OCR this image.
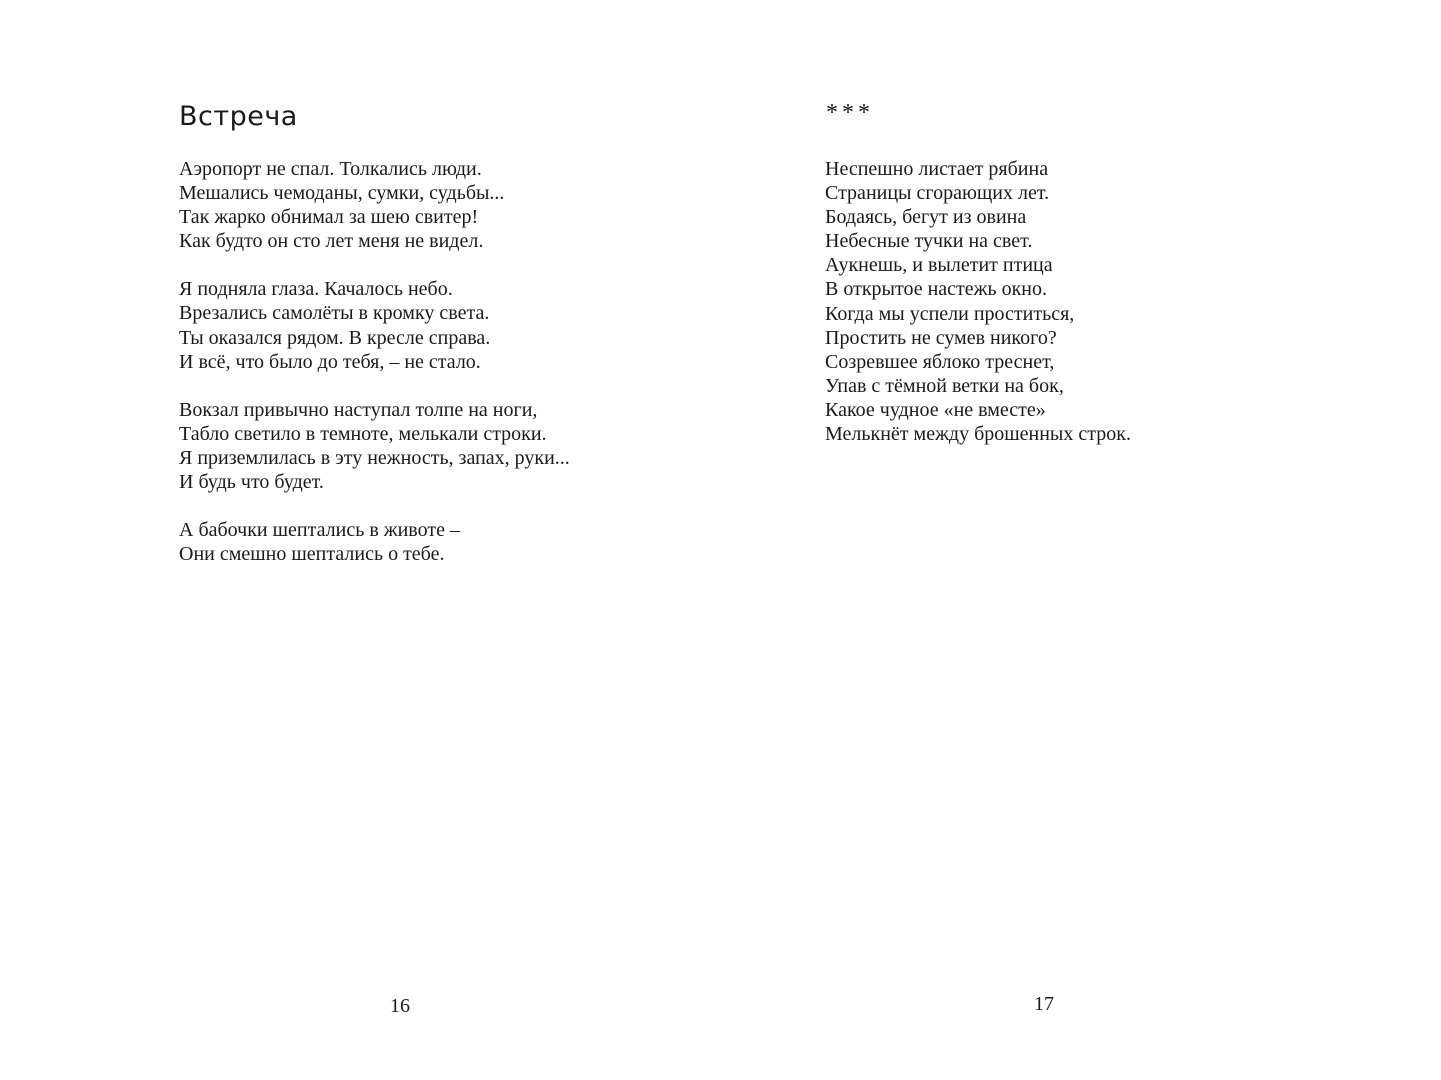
Встреча
Аэропорт не спал. Толкались люди.
Мешались чемоданы, сумки, судьбы...
Так жарко обнимал за шею свитер!
Как будто он сто лет меня не видел.
Я подняла глаза. Качалось небо.
Врезались самолёты в кромку света.
Ты оказался рядом. В кресле справа.
И всё, что было до тебя, – не стало.
Вокзал привычно наступал толпе на ноги,
Табло светило в темноте, мелькали строки.
Я приземлилась в эту нежность, запах, руки...
И будь что будет.
А бабочки шептались в животе –
Они смешно шептались о тебе.
16
***
Неспешно листает рябина
Страницы сгорающих лет.
Бодаясь, бегут из овина
Небесные тучки на свет.
Аукнешь, и вылетит птица
В открытое настежь окно.
Когда мы успели проститься,
Простить не сумев никого?
Созревшее яблоко треснет,
Упав с тёмной ветки на бок,
Какое чудное «не вместе»
Мелькнёт между брошенных строк.
17
